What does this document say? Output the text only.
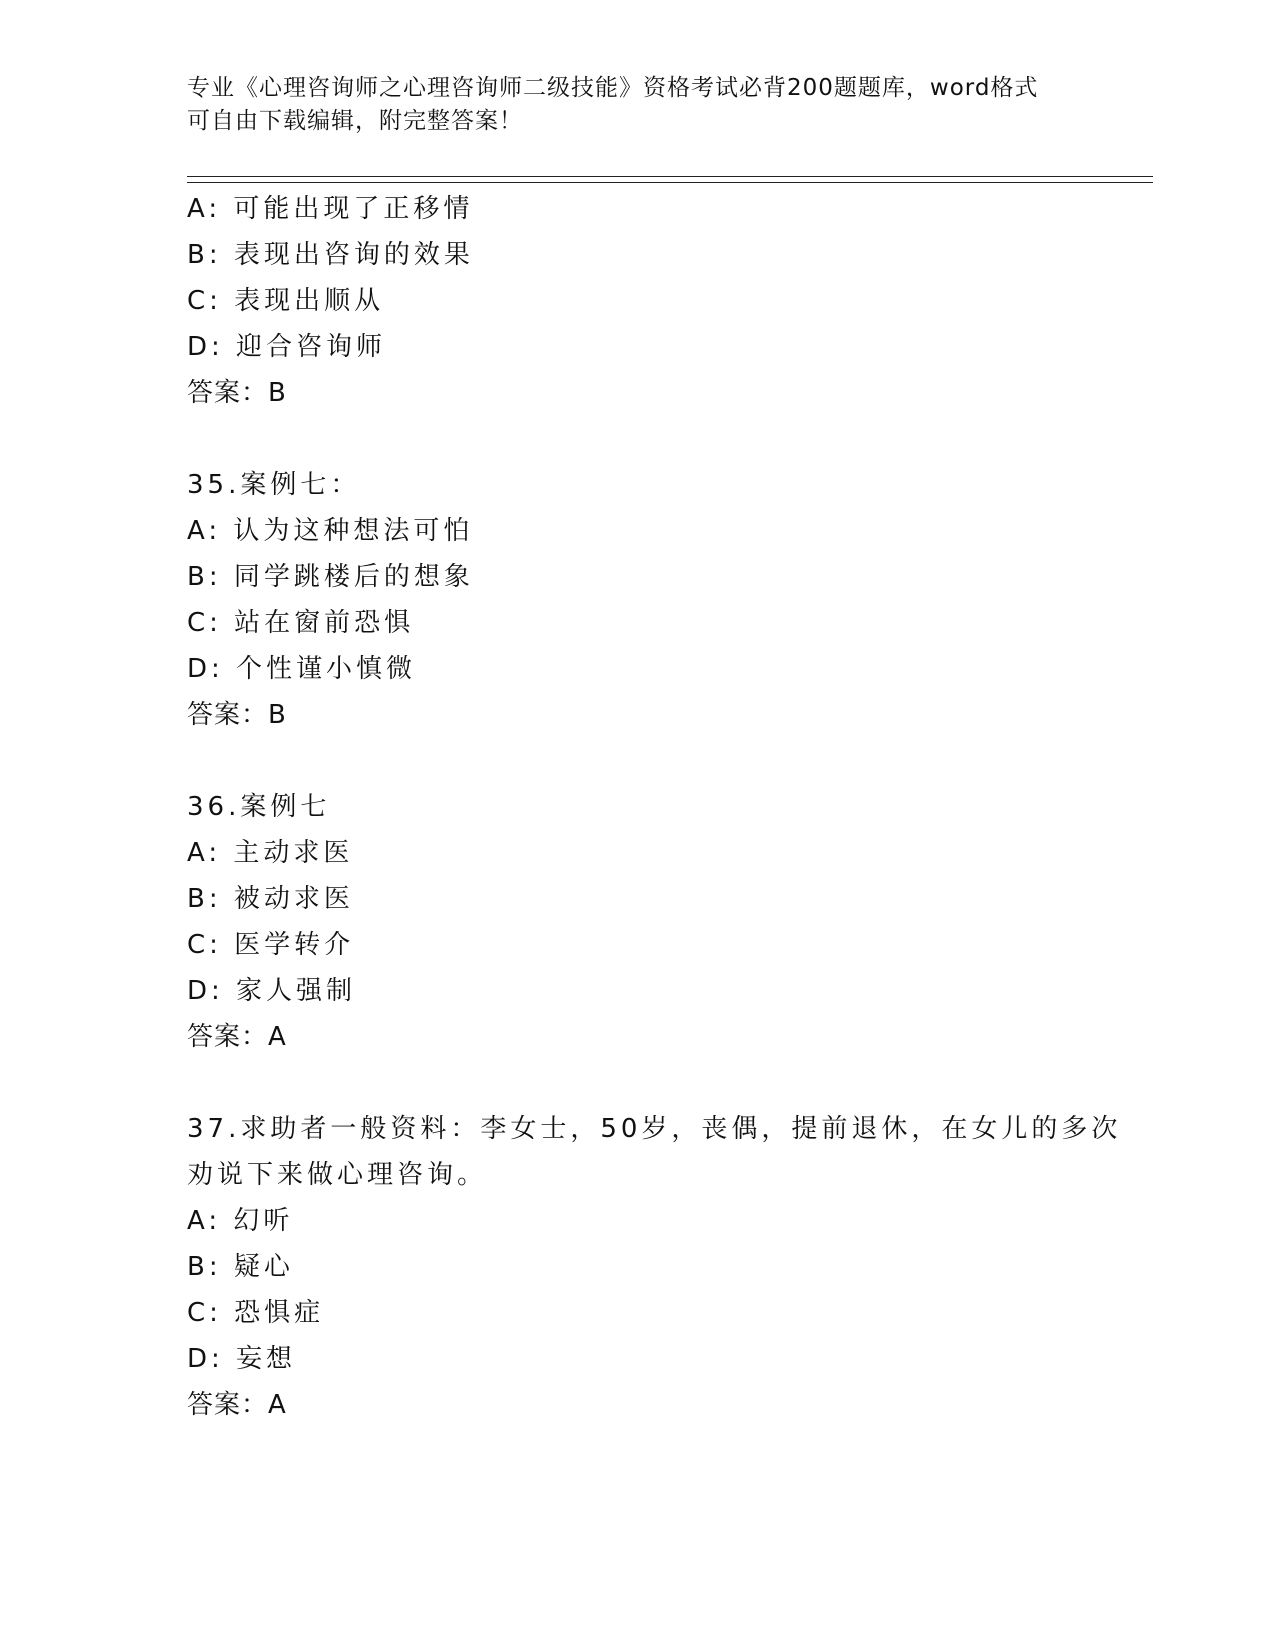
专业《心理咨询师之心理咨询师二级技能》资格考试必背200题题库，word格式
可自由下载编辑，附完整答案！
A: 可能出现了正移情
B: 表现出咨询的效果
C: 表现出顺从
D: 迎合咨询师
答案：B
35.案例七：
A: 认为这种想法可怕
B: 同学跳楼后的想象
C: 站在窗前恐惧
D: 个性谨小慎微
答案：B
36.案例七
A: 主动求医
B: 被动求医
C: 医学转介
D: 家人强制
答案：A
37.求助者一般资料：李女士，50岁，丧偶，提前退休，在女儿的多次
劝说下来做心理咨询。
A: 幻听
B: 疑心
C: 恐惧症
D: 妄想
答案：A
